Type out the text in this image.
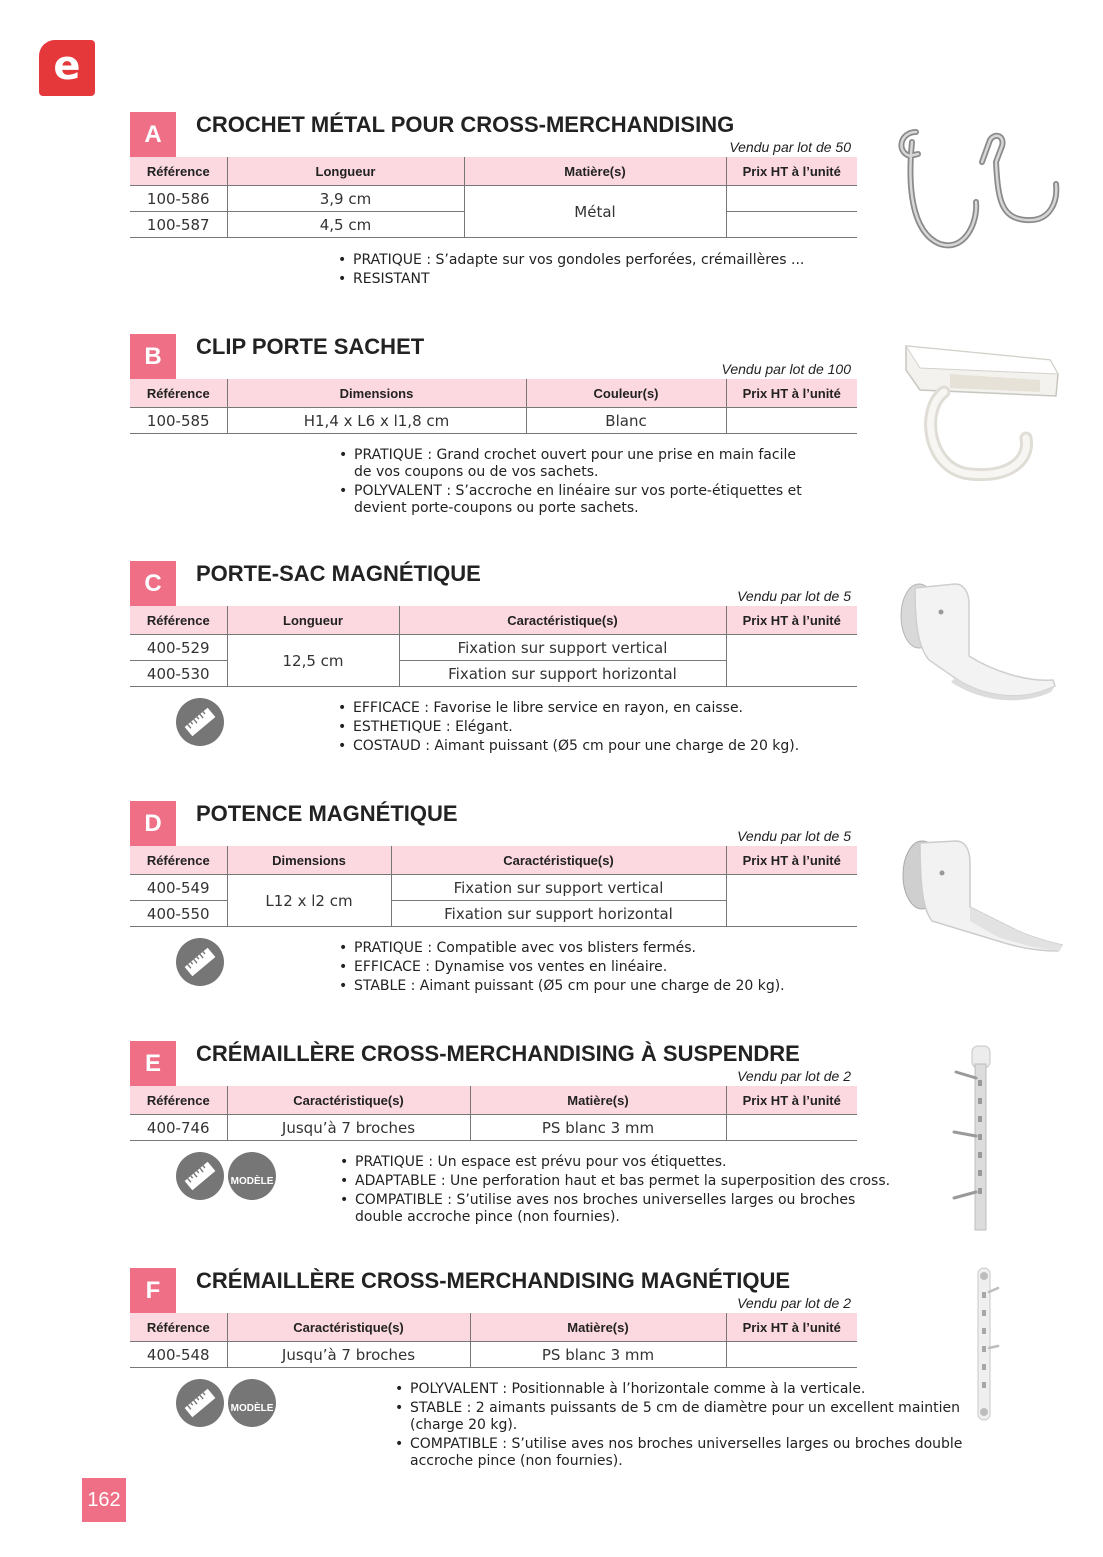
e
A	CROCHET MÉTAL POUR CROSS-MERCHANDISING
Vendu par lot de 50
Référence	Longueur	Matière(s)	Prix HT à l’unité
100-586	3,9 cm	Métal	
100-587	4,5 cm		
• PRATIQUE : S’adapte sur vos gondoles perforées, crémaillères ...
• RESISTANT
B	CLIP PORTE SACHET
Vendu par lot de 100
Référence	Dimensions	Couleur(s)	Prix HT à l’unité
100-585	H1,4 x L6 x l1,8 cm	Blanc	
• PRATIQUE : Grand crochet ouvert pour une prise en main facile de vos coupons ou de vos sachets.
• POLYVALENT : S’accroche en linéaire sur vos porte-étiquettes et devient porte-coupons ou porte sachets.
C	PORTE-SAC MAGNÉTIQUE
Vendu par lot de 5
Référence	Longueur	Caractéristique(s)	Prix HT à l’unité
400-529	12,5 cm	Fixation sur support vertical	
400-530		Fixation sur support horizontal	
• EFFICACE : Favorise le libre service en rayon, en caisse.
• ESTHETIQUE : Elégant.
• COSTAUD : Aimant puissant (Ø5 cm pour une charge de 20 kg).
D	POTENCE MAGNÉTIQUE
Vendu par lot de 5
Référence	Dimensions	Caractéristique(s)	Prix HT à l’unité
400-549	L12 x l2 cm	Fixation sur support vertical	
400-550		Fixation sur support horizontal	
• PRATIQUE : Compatible avec vos blisters fermés.
• EFFICACE : Dynamise vos ventes en linéaire.
• STABLE : Aimant puissant (Ø5 cm pour une charge de 20 kg).
E	CRÉMAILLÈRE CROSS-MERCHANDISING À SUSPENDRE
Vendu par lot de 2
Référence	Caractéristique(s)	Matière(s)	Prix HT à l’unité
400-746	Jusqu’à 7 broches	PS blanc 3 mm	
• PRATIQUE : Un espace est prévu pour vos étiquettes.
• ADAPTABLE : Une perforation haut et bas permet la superposition des cross.
• COMPATIBLE : S’utilise aves nos broches universelles larges ou broches double accroche pince (non fournies).
MODÈLE
DÉPOSÉ
F	CRÉMAILLÈRE CROSS-MERCHANDISING MAGNÉTIQUE
Vendu par lot de 2
Référence	Caractéristique(s)	Matière(s)	Prix HT à l’unité
400-548	Jusqu’à 7 broches	PS blanc 3 mm	
• POLYVALENT : Positionnable à l’horizontale comme à la verticale.
• STABLE : 2 aimants puissants de 5 cm de diamètre pour un excellent maintien (charge 20 kg).
• COMPATIBLE : S’utilise aves nos broches universelles larges ou broches double accroche pince (non fournies).
MODÈLE
DÉPOSÉ
162
